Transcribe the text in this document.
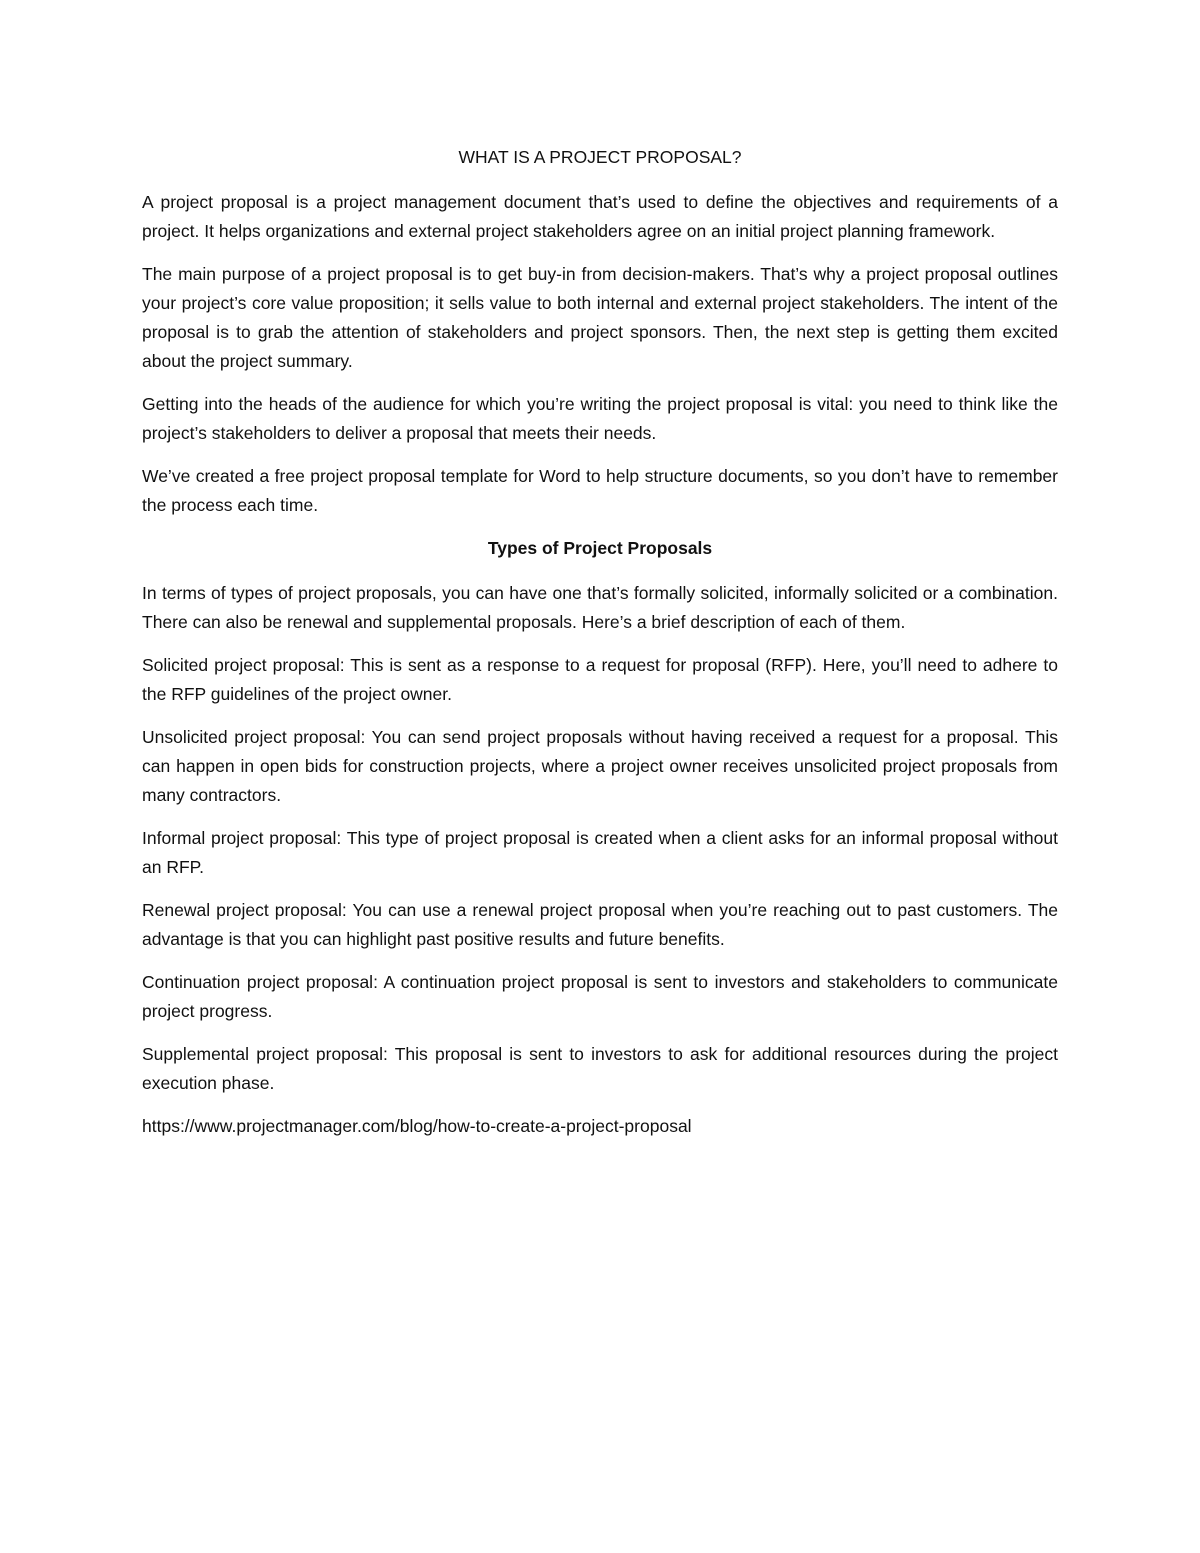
WHAT IS A PROJECT PROPOSAL?

A project proposal is a project management document that’s used to define the objectives and requirements of a project. It helps organizations and external project stakeholders agree on an initial project planning framework.

The main purpose of a project proposal is to get buy-in from decision-makers. That’s why a project proposal outlines your project’s core value proposition; it sells value to both internal and external project stakeholders. The intent of the proposal is to grab the attention of stakeholders and project sponsors. Then, the next step is getting them excited about the project summary.

Getting into the heads of the audience for which you’re writing the project proposal is vital: you need to think like the project’s stakeholders to deliver a proposal that meets their needs.

We’ve created a free project proposal template for Word to help structure documents, so you don’t have to remember the process each time.

Types of Project Proposals

In terms of types of project proposals, you can have one that’s formally solicited, informally solicited or a combination. There can also be renewal and supplemental proposals. Here’s a brief description of each of them.

Solicited project proposal: This is sent as a response to a request for proposal (RFP). Here, you’ll need to adhere to the RFP guidelines of the project owner.

Unsolicited project proposal: You can send project proposals without having received a request for a proposal. This can happen in open bids for construction projects, where a project owner receives unsolicited project proposals from many contractors.

Informal project proposal: This type of project proposal is created when a client asks for an informal proposal without an RFP.

Renewal project proposal: You can use a renewal project proposal when you’re reaching out to past customers. The advantage is that you can highlight past positive results and future benefits.

Continuation project proposal: A continuation project proposal is sent to investors and stakeholders to communicate project progress.

Supplemental project proposal: This proposal is sent to investors to ask for additional resources during the project execution phase.

https://www.projectmanager.com/blog/how-to-create-a-project-proposal
